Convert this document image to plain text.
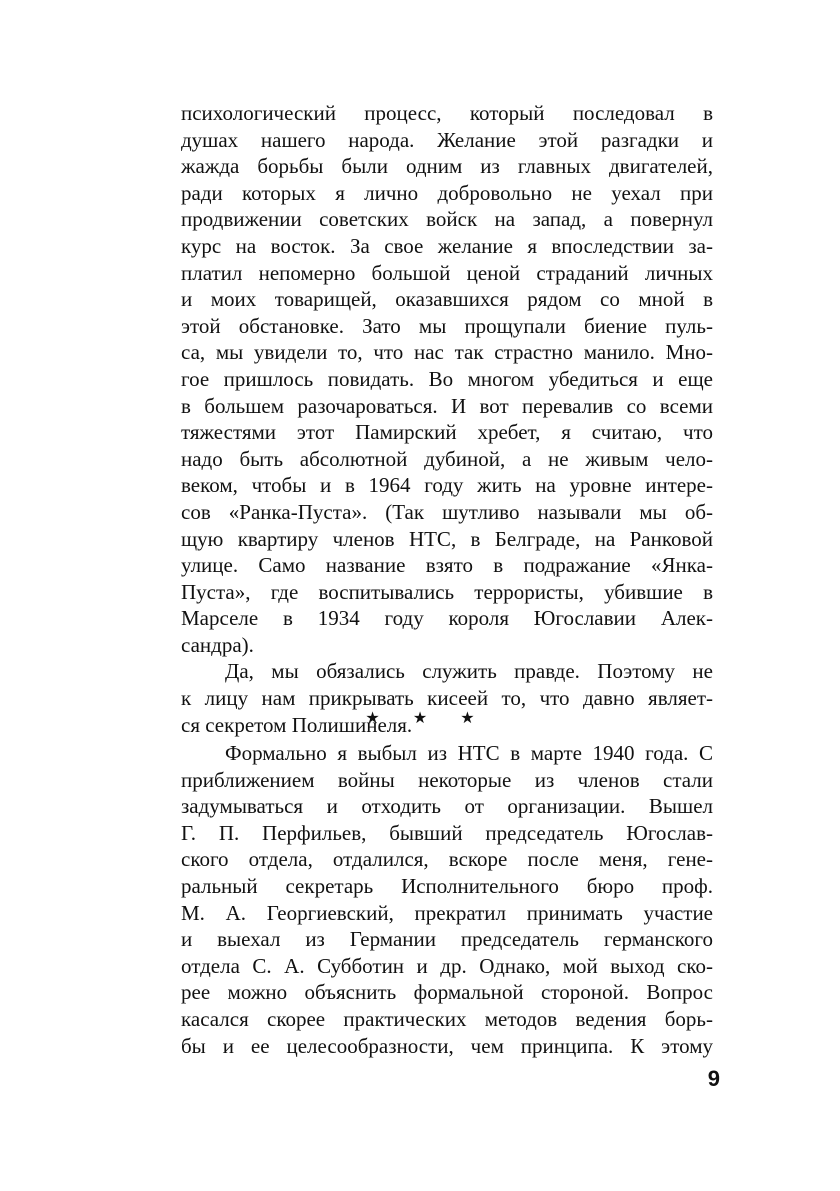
психологический процесс, который последовал в
душах нашего народа. Желание этой разгадки и
жажда борьбы были одним из главных двигателей,
ради которых я лично добровольно не уехал при
продвижении советских войск на запад, а повернул
курс на восток. За свое желание я впоследствии за-
платил непомерно большой ценой страданий личных
и моих товарищей, оказавшихся рядом со мной в
этой обстановке. Зато мы прощупали биение пуль-
са, мы увидели то, что нас так страстно манило. Мно-
гое пришлось повидать. Во многом убедиться и еще
в большем разочароваться. И вот перевалив со всеми
тяжестями этот Памирский хребет, я считаю, что
надо быть абсолютной дубиной, а не живым чело-
веком, чтобы и в 1964 году жить на уровне интере-
сов «Ранка-Пуста». (Так шутливо называли мы об-
щую квартиру членов НТС, в Белграде, на Ранковой
улице. Само название взято в подражание «Янка-
Пуста», где воспитывались террористы, убившие в
Марселе в 1934 году короля Югославии Алек-
сандра).
Да, мы обязались служить правде. Поэтому не
к лицу нам прикрывать кисеей то, что давно являет-
ся секретом Полишинеля.
★ ★ ★
Формально я выбыл из НТС в марте 1940 года. С
приближением войны некоторые из членов стали
задумываться и отходить от организации. Вышел
Г. П. Перфильев, бывший председатель Югослав-
ского отдела, отдалился, вскоре после меня, гене-
ральный секретарь Исполнительного бюро проф.
М. А. Георгиевский, прекратил принимать участие
и выехал из Германии председатель германского
отдела С. А. Субботин и др. Однако, мой выход ско-
рее можно объяснить формальной стороной. Вопрос
касался скорее практических методов ведения борь-
бы и ее целесообразности, чем принципа. К этому
9
